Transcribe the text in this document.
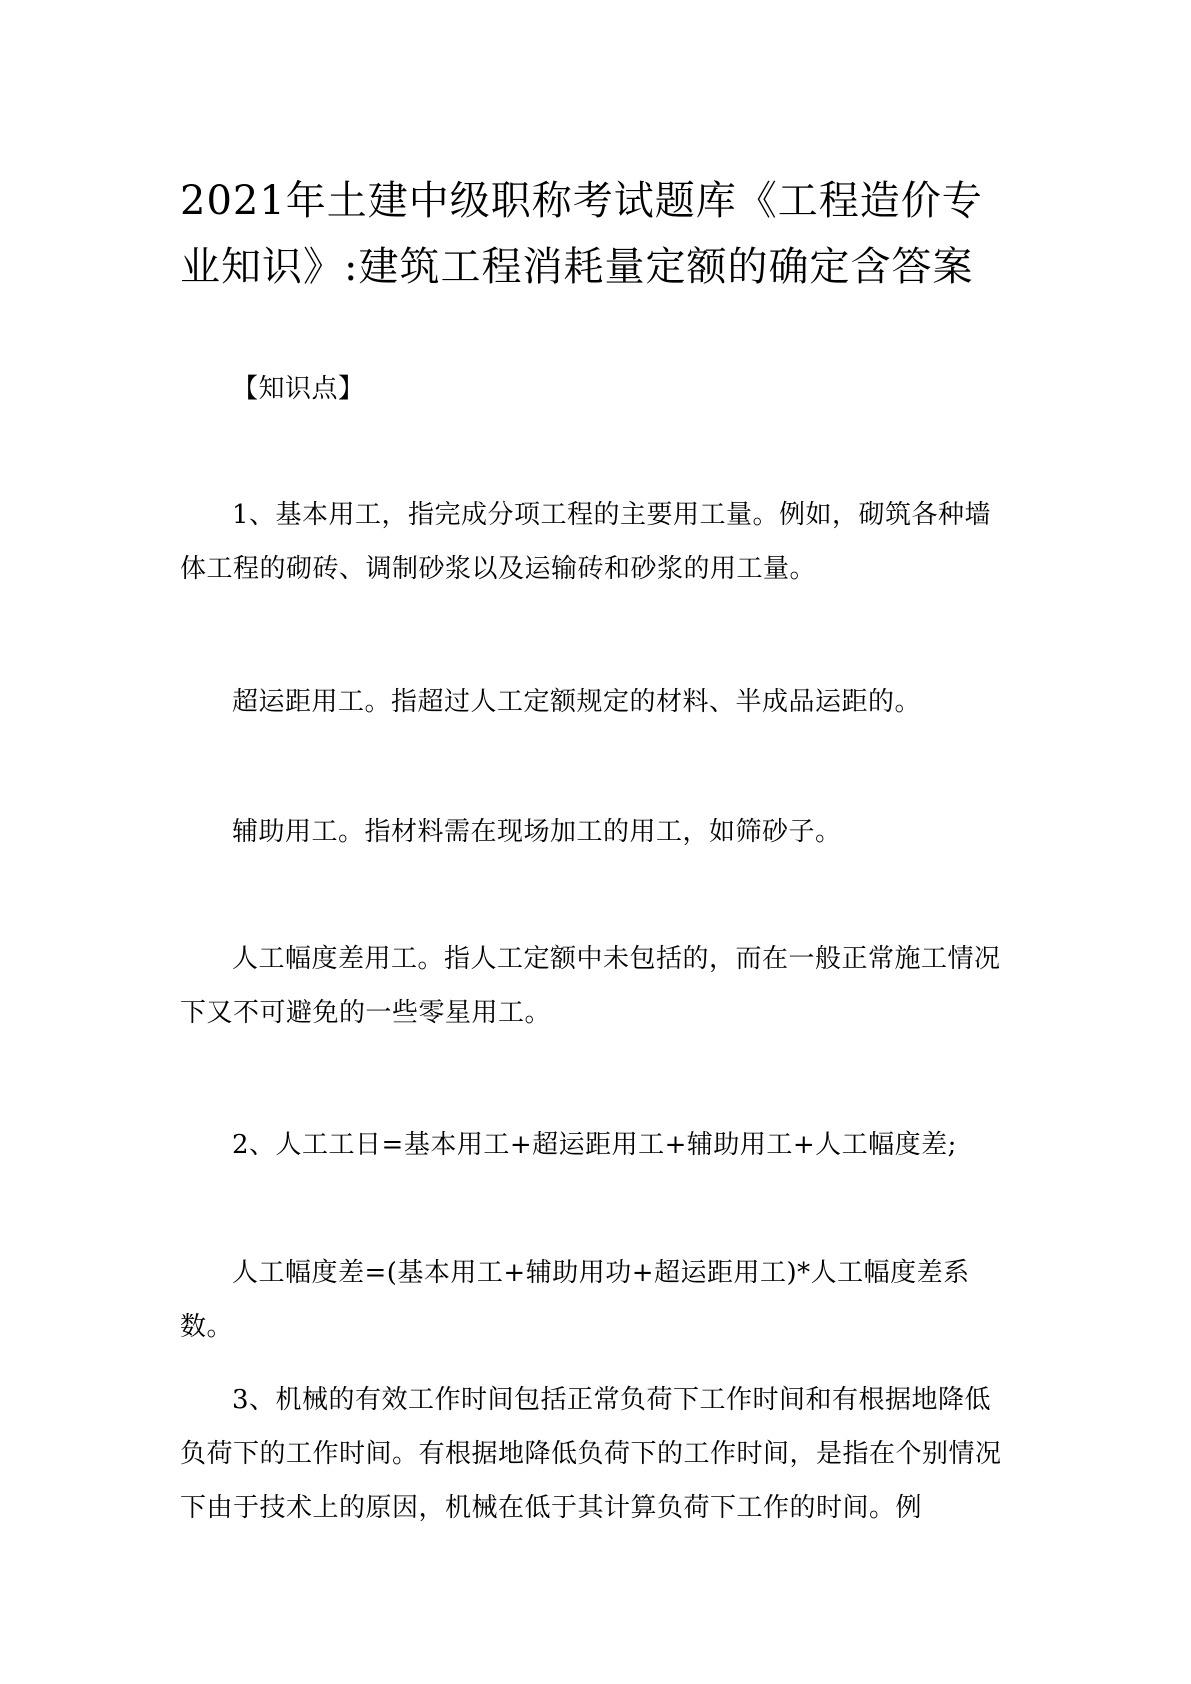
2021年土建中级职称考试题库《工程造价专业知识》:建筑工程消耗量定额的确定含答案

【知识点】

1、基本用工，指完成分项工程的主要用工量。例如，砌筑各种墙体工程的砌砖、调制砂浆以及运输砖和砂浆的用工量。

超运距用工。指超过人工定额规定的材料、半成品运距的。

辅助用工。指材料需在现场加工的用工，如筛砂子。

人工幅度差用工。指人工定额中未包括的，而在一般正常施工情况下又不可避免的一些零星用工。

2、人工工日=基本用工+超运距用工+辅助用工+人工幅度差;

人工幅度差=(基本用工+辅助用功+超运距用工)*人工幅度差系数。

3、机械的有效工作时间包括正常负荷下工作时间和有根据地降低负荷下的工作时间。有根据地降低负荷下的工作时间，是指在个别情况下由于技术上的原因，机械在低于其计算负荷下工作的时间。例
